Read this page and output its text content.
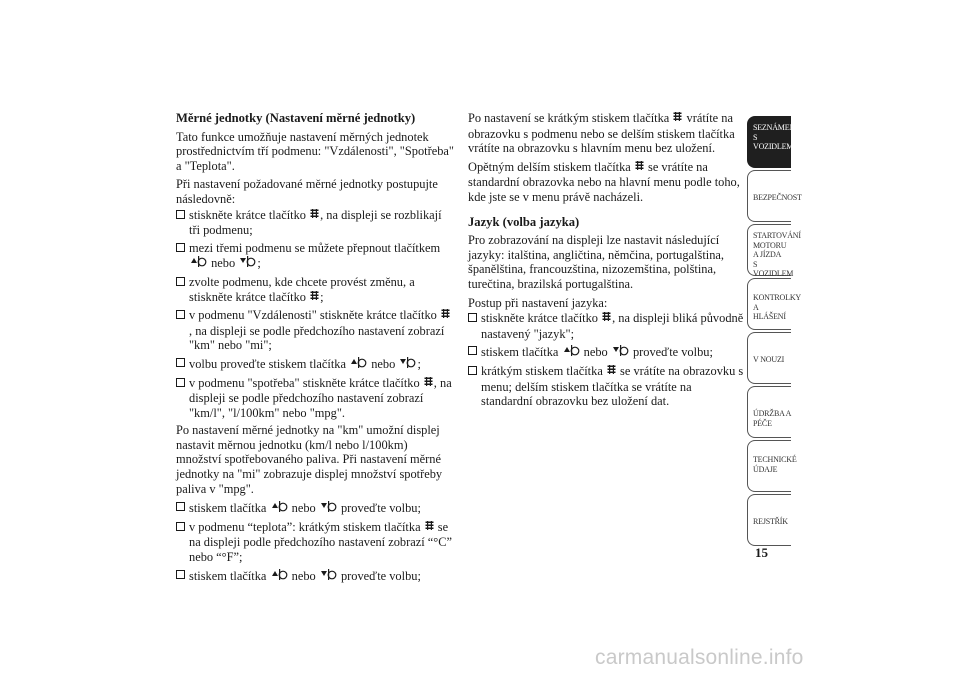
Měrné jednotky (Nastavení měrné jednotky)

Tato funkce umožňuje nastavení měrných jednotek prostřednictvím tří podmenu: "Vzdálenosti", "Spotřeba" a "Teplota".

Při nastavení požadované měrné jednotky postupujte následovně:

stiskněte krátce tlačítko , na displeji se rozblikají tři podmenu;
mezi třemi podmenu se můžete přepnout tlačítkem  nebo ;
zvolte podmenu, kde chcete provést změnu, a stiskněte krátce tlačítko ;
v podmenu "Vzdálenosti" stiskněte krátce tlačítko , na displeji se podle předchozího nastavení zobrazí "km" nebo "mi";
volbu proveďte stiskem tlačítka nebo ;
v podmenu "spotřeba" stiskněte krátce tlačítko , na displeji se podle předchozího nastavení zobrazí "km/l", "l/100km" nebo "mpg".

Po nastavení měrné jednotky na "km" umožní displej nastavit měrnou jednotku (km/l nebo l/100km) množství spotřebovaného paliva. Při nastavení měrné jednotky na "mi" zobrazuje displej množství spotřeby paliva v "mpg".

stiskem tlačítka nebo proveďte volbu;
v podmenu “teplota”: krátkým stiskem tlačítka se na displeji podle předchozího nastavení zobrazí “°C” nebo “°F”;
stiskem tlačítka nebo proveďte volbu;

Po nastavení se krátkým stiskem tlačítka vrátíte na obrazovku s podmenu nebo se delším stiskem tlačítka vrátíte na obrazovku s hlavním menu bez uložení.

Opětným delším stiskem tlačítka se vrátíte na standardní obrazovka nebo na hlavní menu podle toho, kde jste se v menu právě nacházeli.

Jazyk (volba jazyka)

Pro zobrazování na displeji lze nastavit následující jazyky: italština, angličtina, němčina, portugalština, španělština, francouzština, nizozemština, polština, turečtina, brazilská portugalština.

Postup při nastavení jazyka:

stiskněte krátce tlačítko , na displeji bliká původně nastavený "jazyk";
stiskem tlačítka nebo proveďte volbu;
krátkým stiskem tlačítka se vrátíte na obrazovku s menu; delším stiskem tlačítka se vrátíte na standardní obrazovku bez uložení dat.
SEZNÁMENÍ S
VOZIDLEM
BEZPEČNOST
STARTOVÁNÍ
MOTORU A JÍZDA
S VOZIDLEM
KONTROLKY A
HLÁŠENÍ
V NOUZI
ÚDRŽBA A PÉČE
TECHNICKÉ
ÚDAJE
REJSTŘÍK
15
carmanualsonline.info
